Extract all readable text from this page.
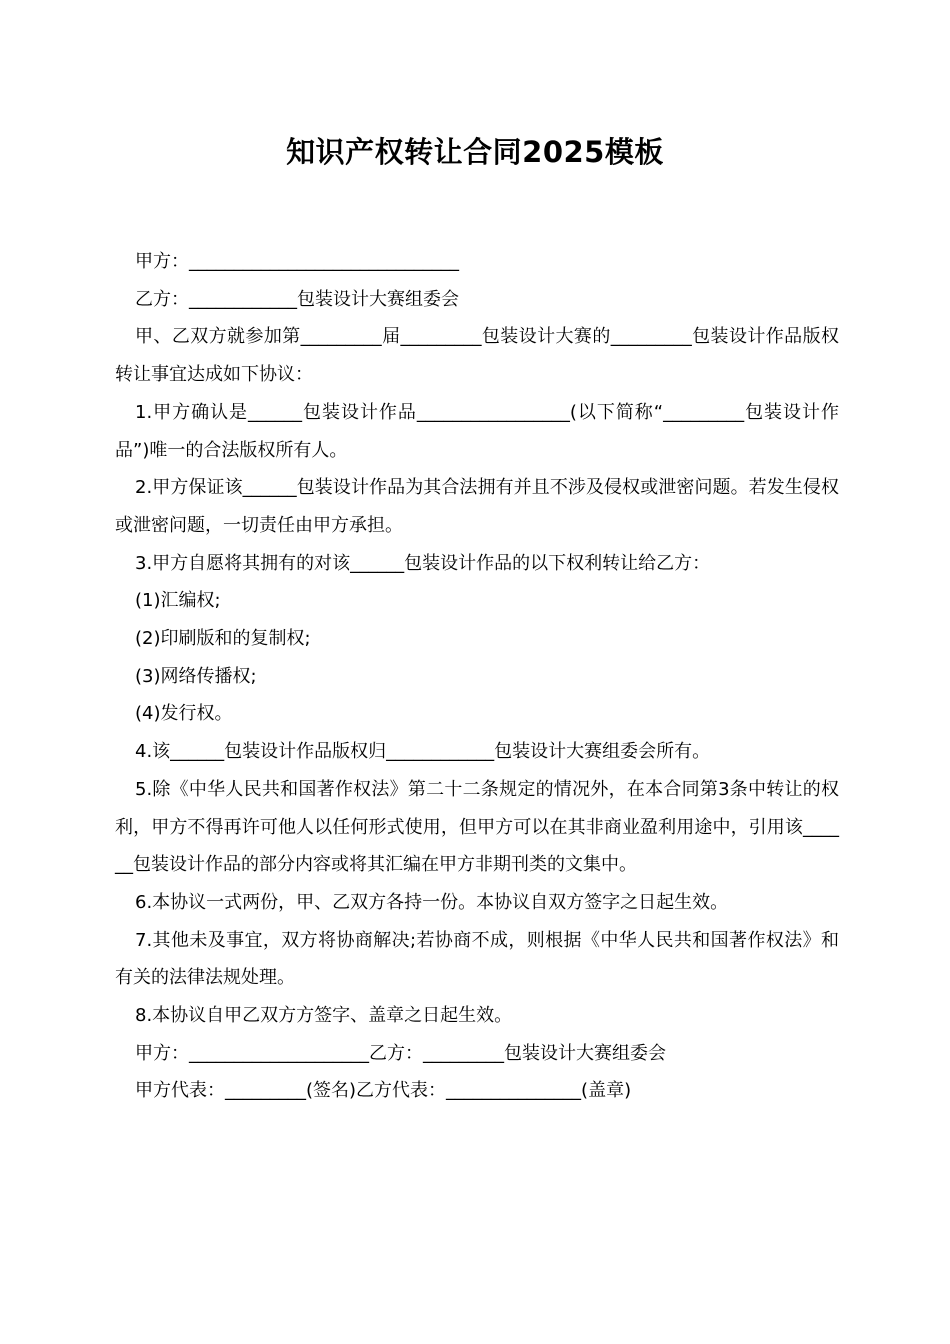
知识产权转让合同2025模板

甲方：______________________________

乙方：____________包装设计大赛组委会

甲、乙双方就参加第_________届_________包装设计大赛的_________包装设计作品版权转让事宜达成如下协议：

1.甲方确认是______包装设计作品_________________(以下简称“_________包装设计作品”)唯一的合法版权所有人。

2.甲方保证该______包装设计作品为其合法拥有并且不涉及侵权或泄密问题。若发生侵权或泄密问题，一切责任由甲方承担。

3.甲方自愿将其拥有的对该______包装设计作品的以下权利转让给乙方：

(1)汇编权;

(2)印刷版和的复制权;

(3)网络传播权;

(4)发行权。

4.该______包装设计作品版权归____________包装设计大赛组委会所有。

5.除《中华人民共和国著作权法》第二十二条规定的情况外，在本合同第3条中转让的权利，甲方不得再许可他人以任何形式使用，但甲方可以在其非商业盈利用途中，引用该______包装设计作品的部分内容或将其汇编在甲方非期刊类的文集中。

6.本协议一式两份，甲、乙双方各持一份。本协议自双方签字之日起生效。

7.其他未及事宜，双方将协商解决;若协商不成，则根据《中华人民共和国著作权法》和有关的法律法规处理。

8.本协议自甲乙双方方签字、盖章之日起生效。

甲方：____________________乙方：_________包装设计大赛组委会

甲方代表：_________(签名)乙方代表：_______________(盖章)
